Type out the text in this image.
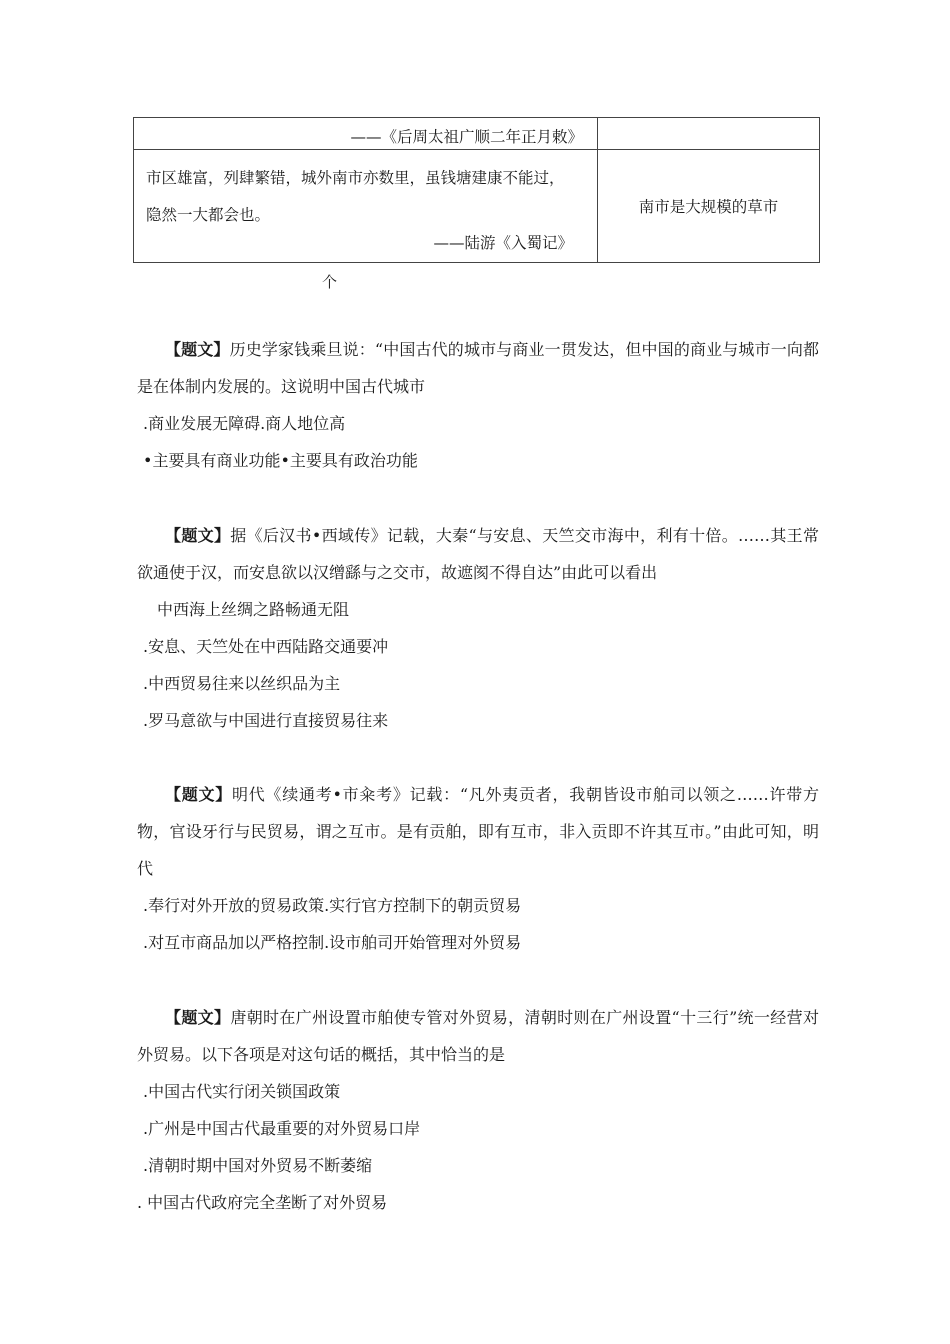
——《后周太祖广顺二年正月敕》	
市区雄富，列肆繁错，城外南市亦数里，虽钱塘建康不能过，隐然一大都会也。
——陆游《入蜀记》	南市是大规模的草市
个

【题文】历史学家钱乘旦说：“中国古代的城市与商业一贯发达，但中国的商业与城市一向都是在体制内发展的。这说明中国古代城市

.商业发展无障碍.商人地位高

•主要具有商业功能•主要具有政治功能

【题文】据《后汉书•西域传》记载，大秦“与安息、天竺交市海中，利有十倍。……其王常欲通使于汉，而安息欲以汉缯繇与之交市，故遮阂不得自达”由此可以看出

中西海上丝绸之路畅通无阻

.安息、天竺处在中西陆路交通要冲

.中西贸易往来以丝织品为主

.罗马意欲与中国进行直接贸易往来

【题文】明代《续通考•市籴考》记载：“凡外夷贡者，我朝皆设市舶司以领之……许带方物，官设牙行与民贸易，谓之互市。是有贡舶，即有互市，非入贡即不许其互市。”由此可知，明代

.奉行对外开放的贸易政策.实行官方控制下的朝贡贸易

.对互市商品加以严格控制.设市舶司开始管理对外贸易

【题文】唐朝时在广州设置市舶使专管对外贸易，清朝时则在广州设置“十三行”统一经营对外贸易。以下各项是对这句话的概括，其中恰当的是

.中国古代实行闭关锁国政策

.广州是中国古代最重要的对外贸易口岸

.清朝时期中国对外贸易不断萎缩

. 中国古代政府完全垄断了对外贸易
